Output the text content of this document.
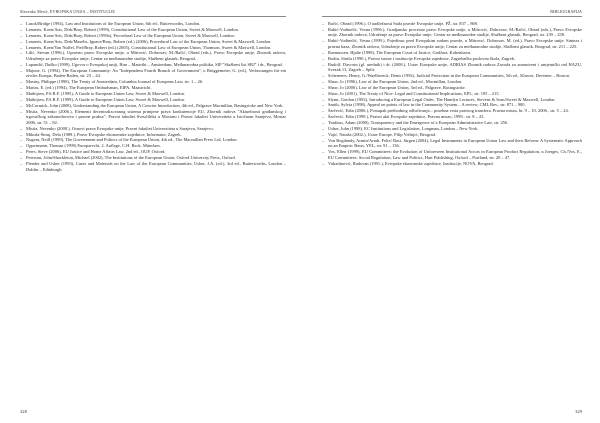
Slavenko Mesić, EVROPSKA UNIJA – INSTITUCIJE
– Lasok/Bridge (1994), Law and Institutions of the European Union, 6th ed., Butterworths, London.
– Lenaerts, Koen/Arts, Dirk/Bray, Robert (1999), Constitutional Law of the European Union, Sweet & Maxwell, London.
– Lenaerts, Koen/Arts, Dirk/Bray, Robert (1999a), Procedural Law of the European Union, Sweet & Maxwell, London.
– Lenaerts, Koen/Arts, Dirk/Maselis, Ignace/Bray, Robert (ed.) (2006), Procedural Law of the European Union, Sweet & Maxwell, London.
– Lenaerts, Koen/Van Nuffel, Piet/Bray, Robert (ed.) (2005), Constitutional Law of European Union, Thomson, Sweet & Maxwell, London.
– Lilić, Stevan (1996.), Upravno pravo Evropske unije, u Mitrović, Dobrosav, M./Račić, Obrad (eds.), Pravo Evropske unije, Zbornik radova, Udruženje za pravo Evropske unije, Centar za međunarodne studije, Službeni glasnik, Beograd.
– Lopandić, Duško (1999), Ugovor o Evropskoj uniji, Rim – Mastriht – Amsterdam, Međunarodna politika, SIP "Službeni list SRJ" i dr., Beograd.
– Majone, G. (1994), The European Community: An "Independent Fourth Branch of Government", u Brüggemeier, G. (ed.), Verfassungen für ein ziviles Europa, Baden-Baden, str. 23 – 44.
– Mastny, Philippe (1998), The Treaty of Amsterdam, Columbia Journal of European Law, str. 1 – 26.
– Marias, E. (ed.) (1994), The European Ombudsman, EIPA, Maastricht.
– Mathijsen, P.S.R.F. (1995), A Guide to European Union Law, Sweet & Maxwell, London.
– Mathijsen, P.S.R.F. (1999), A Guide to European Union Law, Sweet & Maxwell, London.
– McCormick, John (2008), Understanding the European Union, A Concise Introduction, 4th ed., Palgrave Macmillan, Basingstoke and New York.
– Misita, Nevenko (2006.), Elementi decentralizovanog sistema primjene prava konkurencije EU, Zbornik radova "Aktuelnosti građanskog i trgovačkog zakonodavstva i pravne prakse", Pravni fakultet Sveučilišta u Mostaru i Pravni fakultet Univerziteta u Istočnom Sarajevu, Mostar 2006, str. 51 – 82.
– Misita, Nevenko (2008.), Osnovi prava Evropske unije, Pravni fakultet Univerziteta u Sarajevu, Sarajevo.
– Mikuša-Šmuj, Dela (1989.), Pravo Evropske ekonomske zajednice, Informator, Zagreb.
– Nugent, Neill (1999), The Government and Politics of the European Union, 4th ed., The Macmillan Press Ltd, London.
– Oppermann, Thomas (1999) Europarecht, 2. Auflage, C.H. Beck, München.
– Peers, Steve (2006), EU Justice and Home Affairs Law, 2nd ed., OUP, Oxford.
– Peterson, John/Shackleton, Michael (2002), The Institutions of the European Union, Oxford University Press, Oxford.
– Plender and Usher (1993), Cases and Materials on the Law of the European Communities, Usher, J.A. (ed.), 3rd ed., Butterworths, London – Dublin – Edinburgh.
328
BIBLIOGRAFIJA
– Račić, Obrad (1996.), O nadležnosti Suda pravde Evropske unije, PŽ, str. 837 – 869.
– Rakić-Vodinelić, Vesna (1996.), Gradjansko procesno pravo Evropske unije, u Mitrović, Dobrosav, M./Račić, Obrad (eds.), Pravo Evropske unije, Zbornik radova, Udruženje za pravo Evropske unije, Centar za međunarodne studije, Službeni glasnik, Beograd, str. 239 – 258.
– Rakić-Vodinelić, Vesna (1999.), Pojedinac pred Evropskim sudom pravde, u Mitrović, Dobrosav, M. (ed.), Pravo Evropske unije, Sinteza i pravna baza, Zbornik radova, Udruženje za pravo Evropske unije, Centar za međunarodne studije, Službeni glasnik, Beograd, str. 211 – 225.
– Rasmussen, Hjalte (1998), The European Court of Justice, GadJura, Kobenhavn.
– Rodin, Siniša (1990.), Pravni sustav i institucije Evropske zajednice, Zagrebačka poslovna škola, Zagreb.
– Rudolf, Davorin (gl. urednik) i dr. (2008.), Ustav Europske unije, ADRIAS Zbornik radova Zavoda za znanstveni i umjetnički rad HAZU, Svezak 13, Zagreb – Split.
– Schermers, Henry, G./Waelbroeck, Denis (1992), Judicial Protection in the European Communities, 5th ed., Kluwer, Deventer – Boston.
– Shaw, Jo (1996), Law of the European Union, 2nd ed., Macmillan, London.
– Shaw, Jo (2000), Law of the European Union, 3rd ed., Palgrave, Basingstoke.
– Shaw, Jo (2001), The Treaty of Nice: Legal and Constitutional Implications, EPL, str. 195 – 215.
– Slynn, Gordon (1992), Introducing a European Legal Order, The Hamlyn Lectures, Stevens & Sons/Sweet & Maxwell, London.
– Smith, Sylvia (1998), Appeal on points of law in the Community System – A review, CML Rev., str. 871 – 900.
– Šarčević, Edin (2006.), Postupak prethodnog odlučivanja – posebna vrsta pravnog transfera, Pravna misao, br. 9 – 10, 2006., str. 5 – 24.
– Šarčević, Edin (1999.), Pravni akti Evropske zajednice, Pravna misao, 1999., str. 8 – 23.
– Tsadiras, Adam (2000), Transparency and the Emergence of a European Administrative Law, str. 256.
– Usher, John (1998), EC Institutions and Legislation, Longman, London – New York.
– Vajić, Nataša (2002.), Ustav Europe, Pilip Vrišnjić, Beograd.
– Von Bogdandy, Armin/Arndt, Felix/ Bast, Jürgen (2004), Legal Instruments in European Union Law and their Reform: A Systematic Approach on an Empiric Basis, YEL, str. 91 – 136.
– Vos, Ellen (1999), EU Committees: the Evolution of Unforeseen Institutional Actors in European Product Regulation, u Joerges, Ch./Vos, E., EU Committees: Social Regulation, Law and Politics, Hart Publishing, Oxford – Portland, str. 20 – 47.
– Vukadinović, Radovan (1991.), Evropske ekonomske zajednice, Institucije, NOVA, Beograd.
329
